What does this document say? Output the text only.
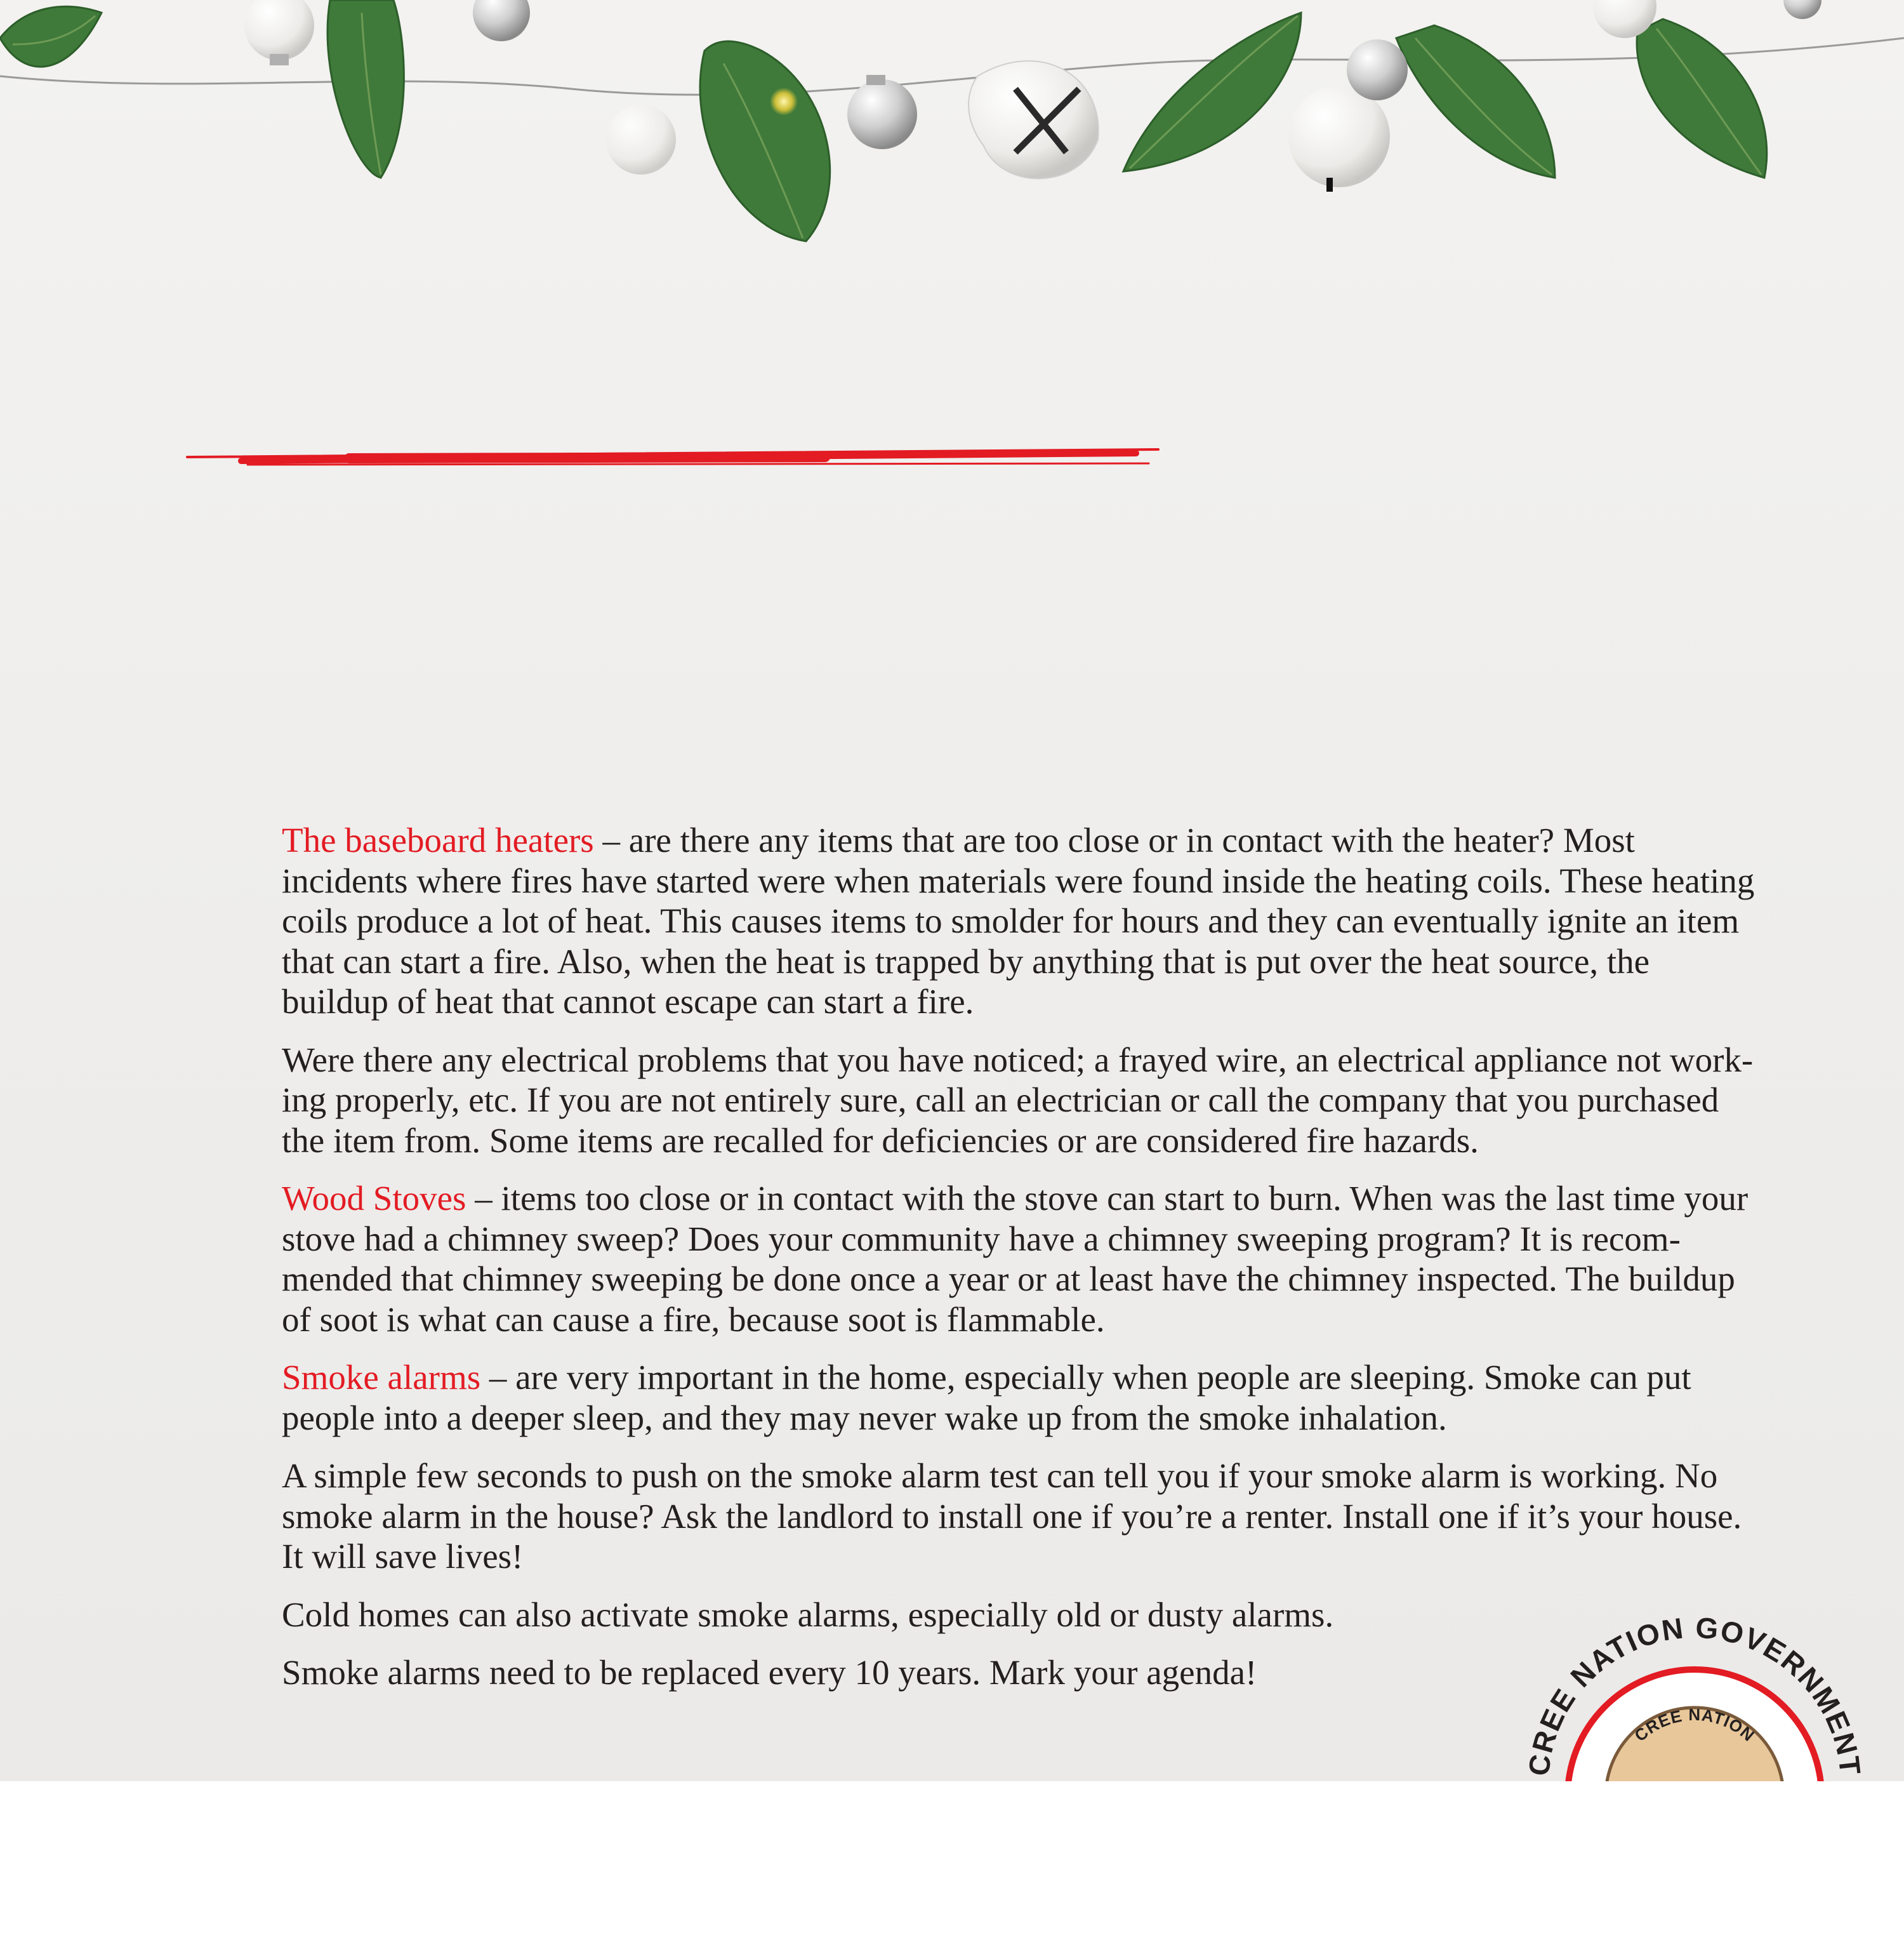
The baseboard heaters – are there any items that are too close or in contact with the heater? Most incidents where fires have started were when materials were found inside the heating coils. These heating coils produce a lot of heat. This causes items to smolder for hours and they can eventually ignite an item that can start a fire. Also, when the heat is trapped by anything that is put over the heat source, the buildup of heat that cannot escape can start a fire.

Were there any electrical problems that you have noticed; a frayed wire, an electrical appliance not work-ing properly, etc. If you are not entirely sure, call an electrician or call the company that you purchased the item from. Some items are recalled for deficiencies or are considered fire hazards.

Wood Stoves – items too close or in contact with the stove can start to burn. When was the last time your stove had a chimney sweep? Does your community have a chimney sweeping program? It is recom-mended that chimney sweeping be done once a year or at least have the chimney inspected. The buildup of soot is what can cause a fire, because soot is flammable.

Smoke alarms – are very important in the home, especially when people are sleeping. Smoke can put people into a deeper sleep, and they may never wake up from the smoke inhalation.

A simple few seconds to push on the smoke alarm test can tell you if your smoke alarm is working. No smoke alarm in the house? Ask the landlord to install one if you’re a renter. Install one if it’s your house. It will save lives!

Cold homes can also activate smoke alarms, especially old or dusty alarms.

Smoke alarms need to be replaced every 10 years. Mark your agenda!

CREE NATION GOVERNMENT
CREE NATION
